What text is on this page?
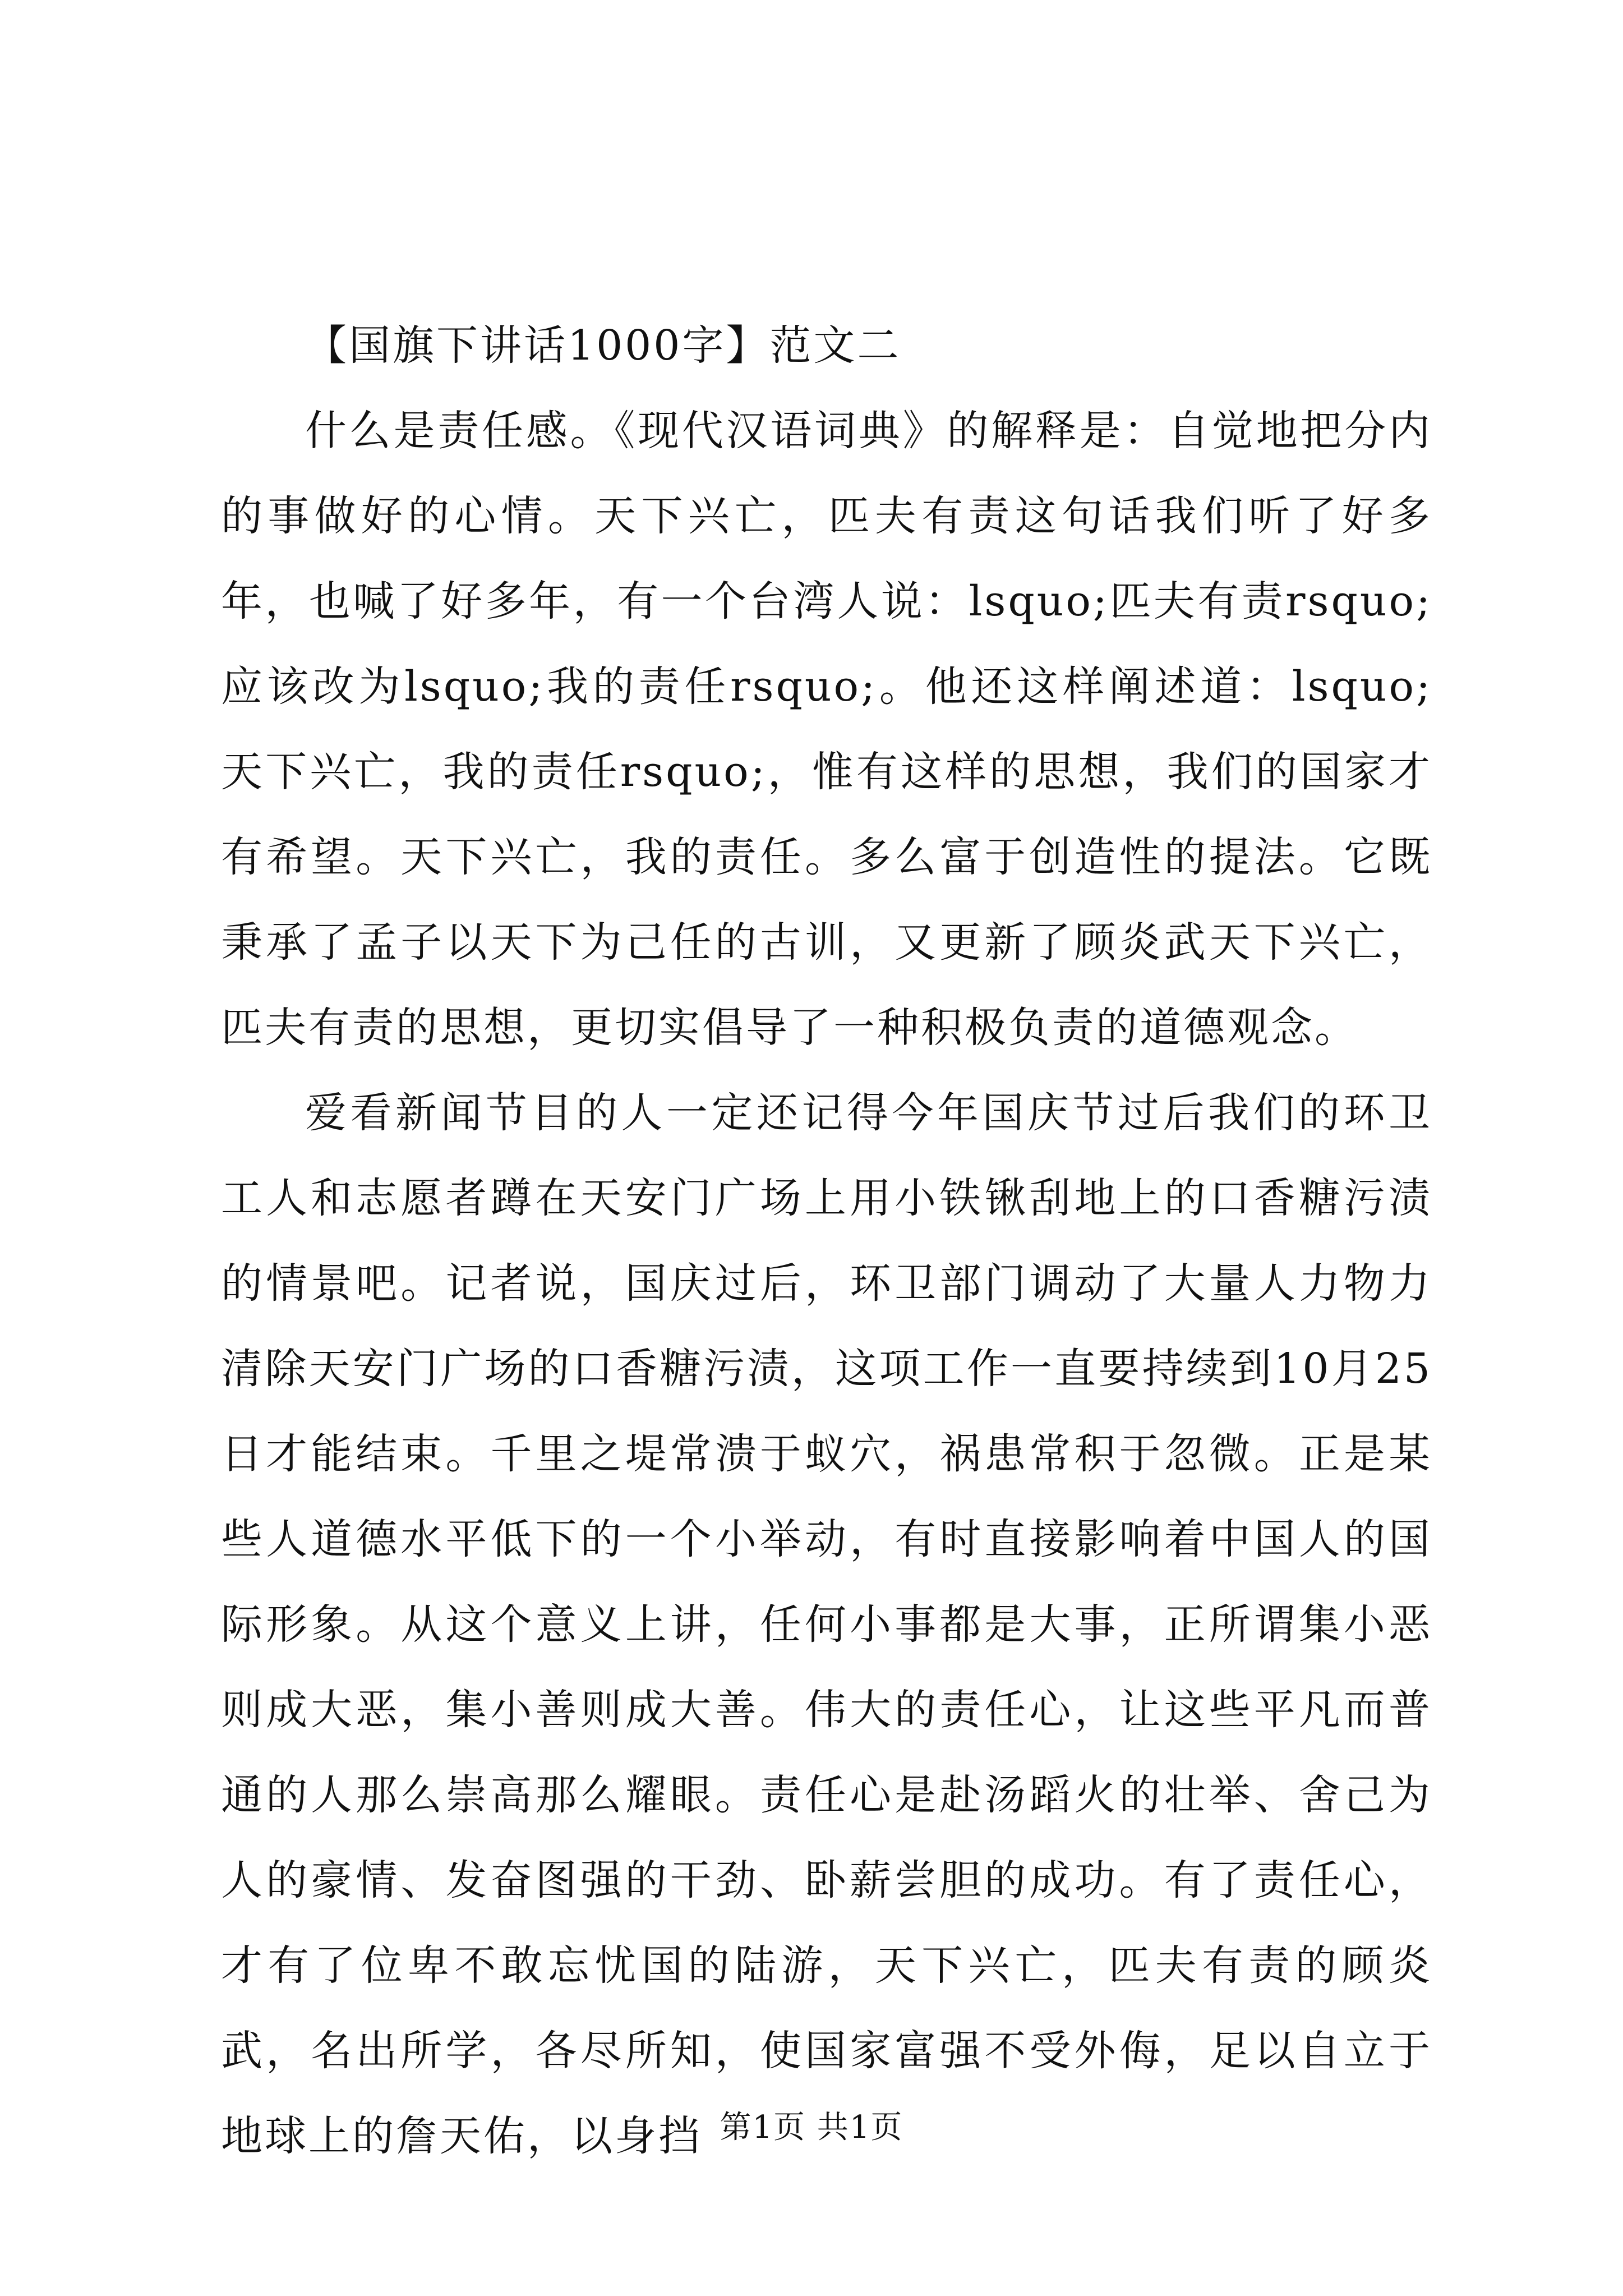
【国旗下讲话1000字】范文二

什么是责任感。《现代汉语词典》的解释是：自觉地把分内的事做好的心情。天下兴亡，匹夫有责这句话我们听了好多年，也喊了好多年，有一个台湾人说：lsquo;匹夫有责rsquo;应该改为lsquo;我的责任rsquo;。他还这样阐述道：lsquo;天下兴亡，我的责任rsquo;，惟有这样的思想，我们的国家才有希望。天下兴亡，我的责任。多么富于创造性的提法。它既秉承了孟子以天下为己任的古训，又更新了顾炎武天下兴亡，匹夫有责的思想，更切实倡导了一种积极负责的道德观念。

爱看新闻节目的人一定还记得今年国庆节过后我们的环卫工人和志愿者蹲在天安门广场上用小铁锹刮地上的口香糖污渍的情景吧。记者说，国庆过后，环卫部门调动了大量人力物力清除天安门广场的口香糖污渍，这项工作一直要持续到10月25日才能结束。千里之堤常溃于蚁穴，祸患常积于忽微。正是某些人道德水平低下的一个小举动，有时直接影响着中国人的国际形象。从这个意义上讲，任何小事都是大事，正所谓集小恶则成大恶，集小善则成大善。伟大的责任心，让这些平凡而普通的人那么崇高那么耀眼。责任心是赴汤蹈火的壮举、舍己为人的豪情、发奋图强的干劲、卧薪尝胆的成功。有了责任心，才有了位卑不敢忘忧国的陆游，天下兴亡，匹夫有责的顾炎武，名出所学，各尽所知，使国家富强不受外侮，足以自立于地球上的詹天佑，以身挡 第1页 共1页
